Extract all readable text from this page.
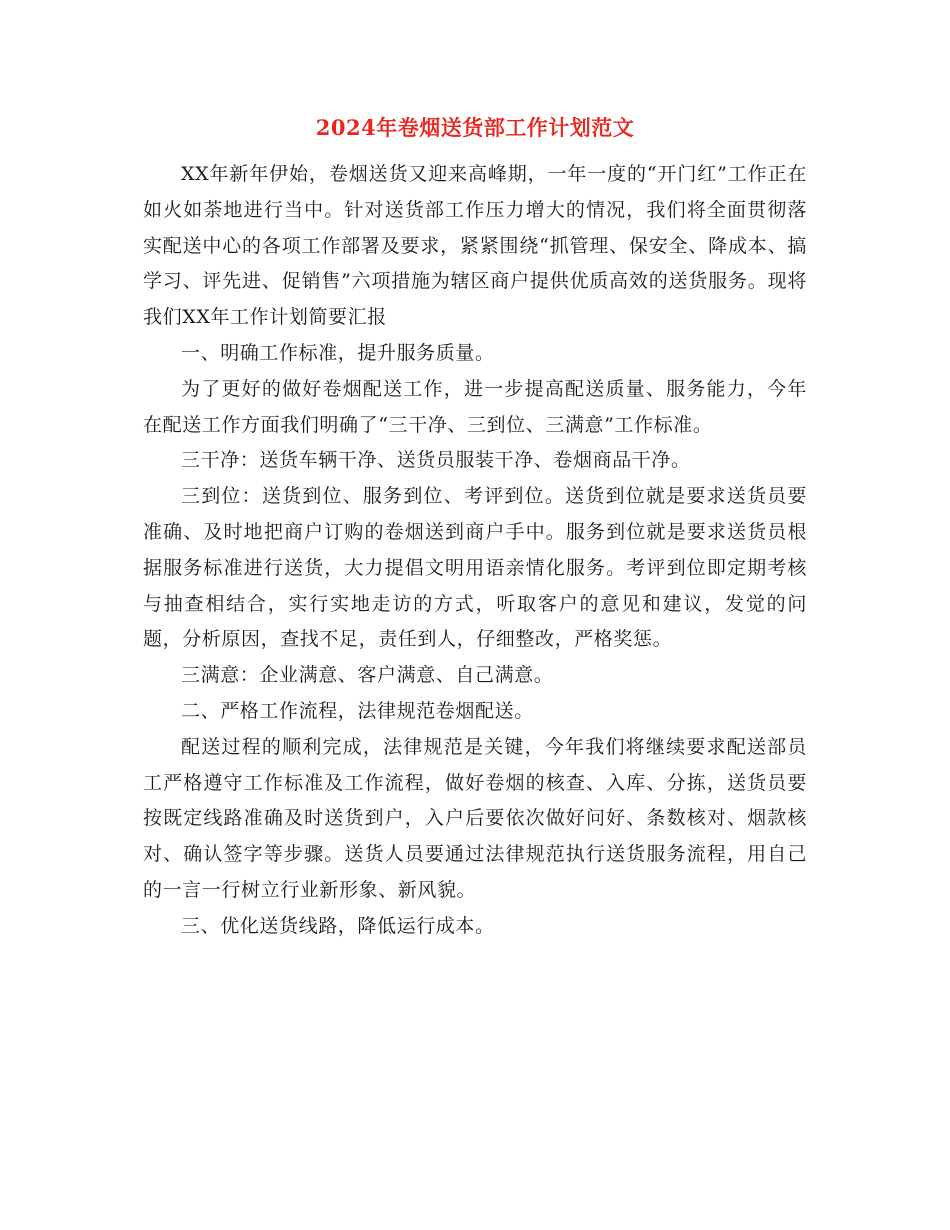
2024年卷烟送货部工作计划范文

XX年新年伊始，卷烟送货又迎来高峰期，一年一度的“开门红”工作正在如火如荼地进行当中。针对送货部工作压力增大的情况，我们将全面贯彻落实配送中心的各项工作部署及要求，紧紧围绕“抓管理、保安全、降成本、搞学习、评先进、促销售”六项措施为辖区商户提供优质高效的送货服务。现将我们XX年工作计划简要汇报

一、明确工作标准，提升服务质量。

为了更好的做好卷烟配送工作，进一步提高配送质量、服务能力，今年在配送工作方面我们明确了“三干净、三到位、三满意”工作标准。

三干净：送货车辆干净、送货员服装干净、卷烟商品干净。

三到位：送货到位、服务到位、考评到位。送货到位就是要求送货员要准确、及时地把商户订购的卷烟送到商户手中。服务到位就是要求送货员根据服务标准进行送货，大力提倡文明用语亲情化服务。考评到位即定期考核与抽查相结合，实行实地走访的方式，听取客户的意见和建议，发觉的问题，分析原因，查找不足，责任到人，仔细整改，严格奖惩。

三满意：企业满意、客户满意、自己满意。

二、严格工作流程，法律规范卷烟配送。

配送过程的顺利完成，法律规范是关键，今年我们将继续要求配送部员工严格遵守工作标准及工作流程，做好卷烟的核查、入库、分拣，送货员要按既定线路准确及时送货到户，入户后要依次做好问好、条数核对、烟款核对、确认签字等步骤。送货人员要通过法律规范执行送货服务流程，用自己的一言一行树立行业新形象、新风貌。

三、优化送货线路，降低运行成本。
